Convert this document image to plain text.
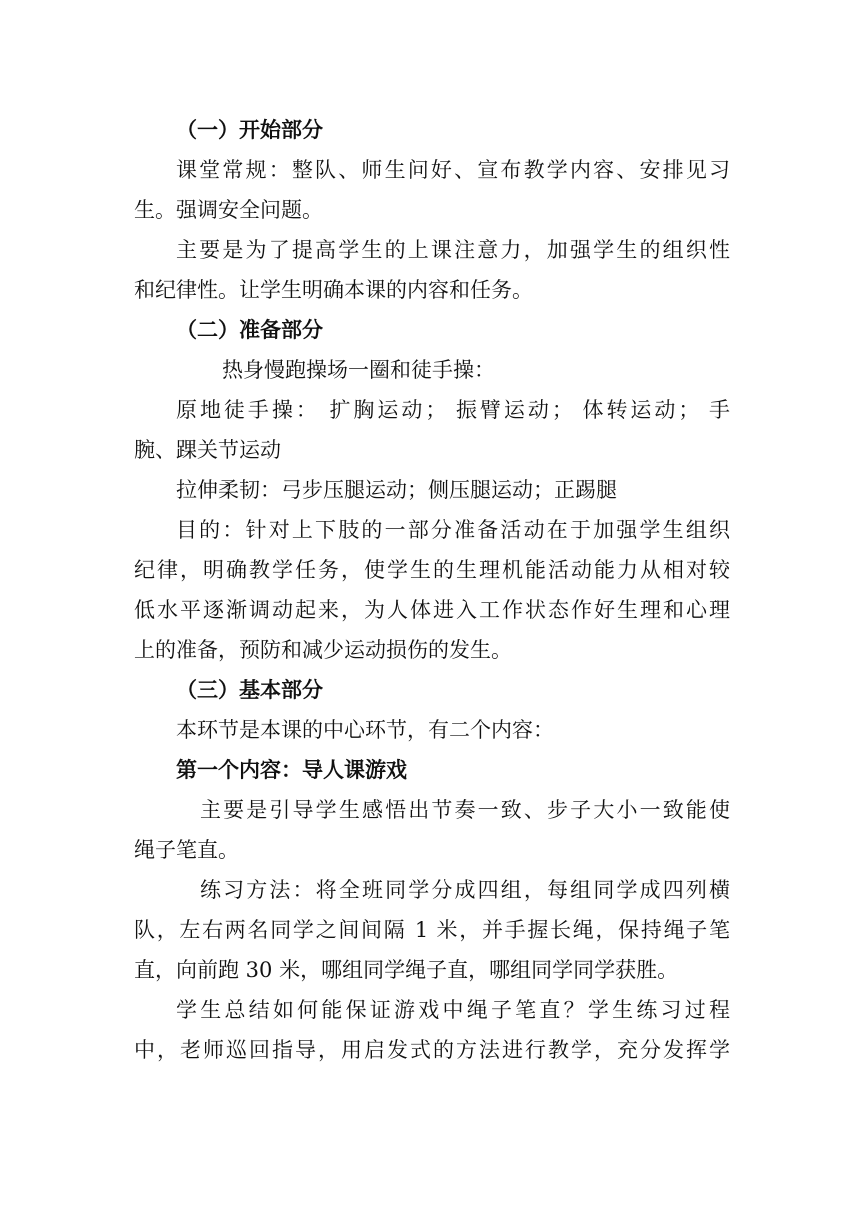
（一）开始部分
课堂常规：整队、师生问好、宣布教学内容、安排见习
生。强调安全问题。
主要是为了提高学生的上课注意力，加强学生的组织性
和纪律性。让学生明确本课的内容和任务。
（二）准备部分
热身慢跑操场一圈和徒手操：
原地徒手操： 扩胸运动； 振臂运动； 体转运动； 手
腕、踝关节运动
拉伸柔韧：弓步压腿运动；侧压腿运动；正踢腿
目的：针对上下肢的一部分准备活动在于加强学生组织
纪律，明确教学任务，使学生的生理机能活动能力从相对较
低水平逐渐调动起来，为人体进入工作状态作好生理和心理
上的准备，预防和减少运动损伤的发生。
（三）基本部分
本环节是本课的中心环节，有二个内容：
第一个内容：导人课游戏
主要是引导学生感悟出节奏一致、步子大小一致能使
绳子笔直。
练习方法：将全班同学分成四组，每组同学成四列横
队，左右两名同学之间间隔 1 米，并手握长绳，保持绳子笔
直，向前跑 30 米，哪组同学绳子直，哪组同学同学获胜。
学生总结如何能保证游戏中绳子笔直？学生练习过程
中，老师巡回指导，用启发式的方法进行教学，充分发挥学
